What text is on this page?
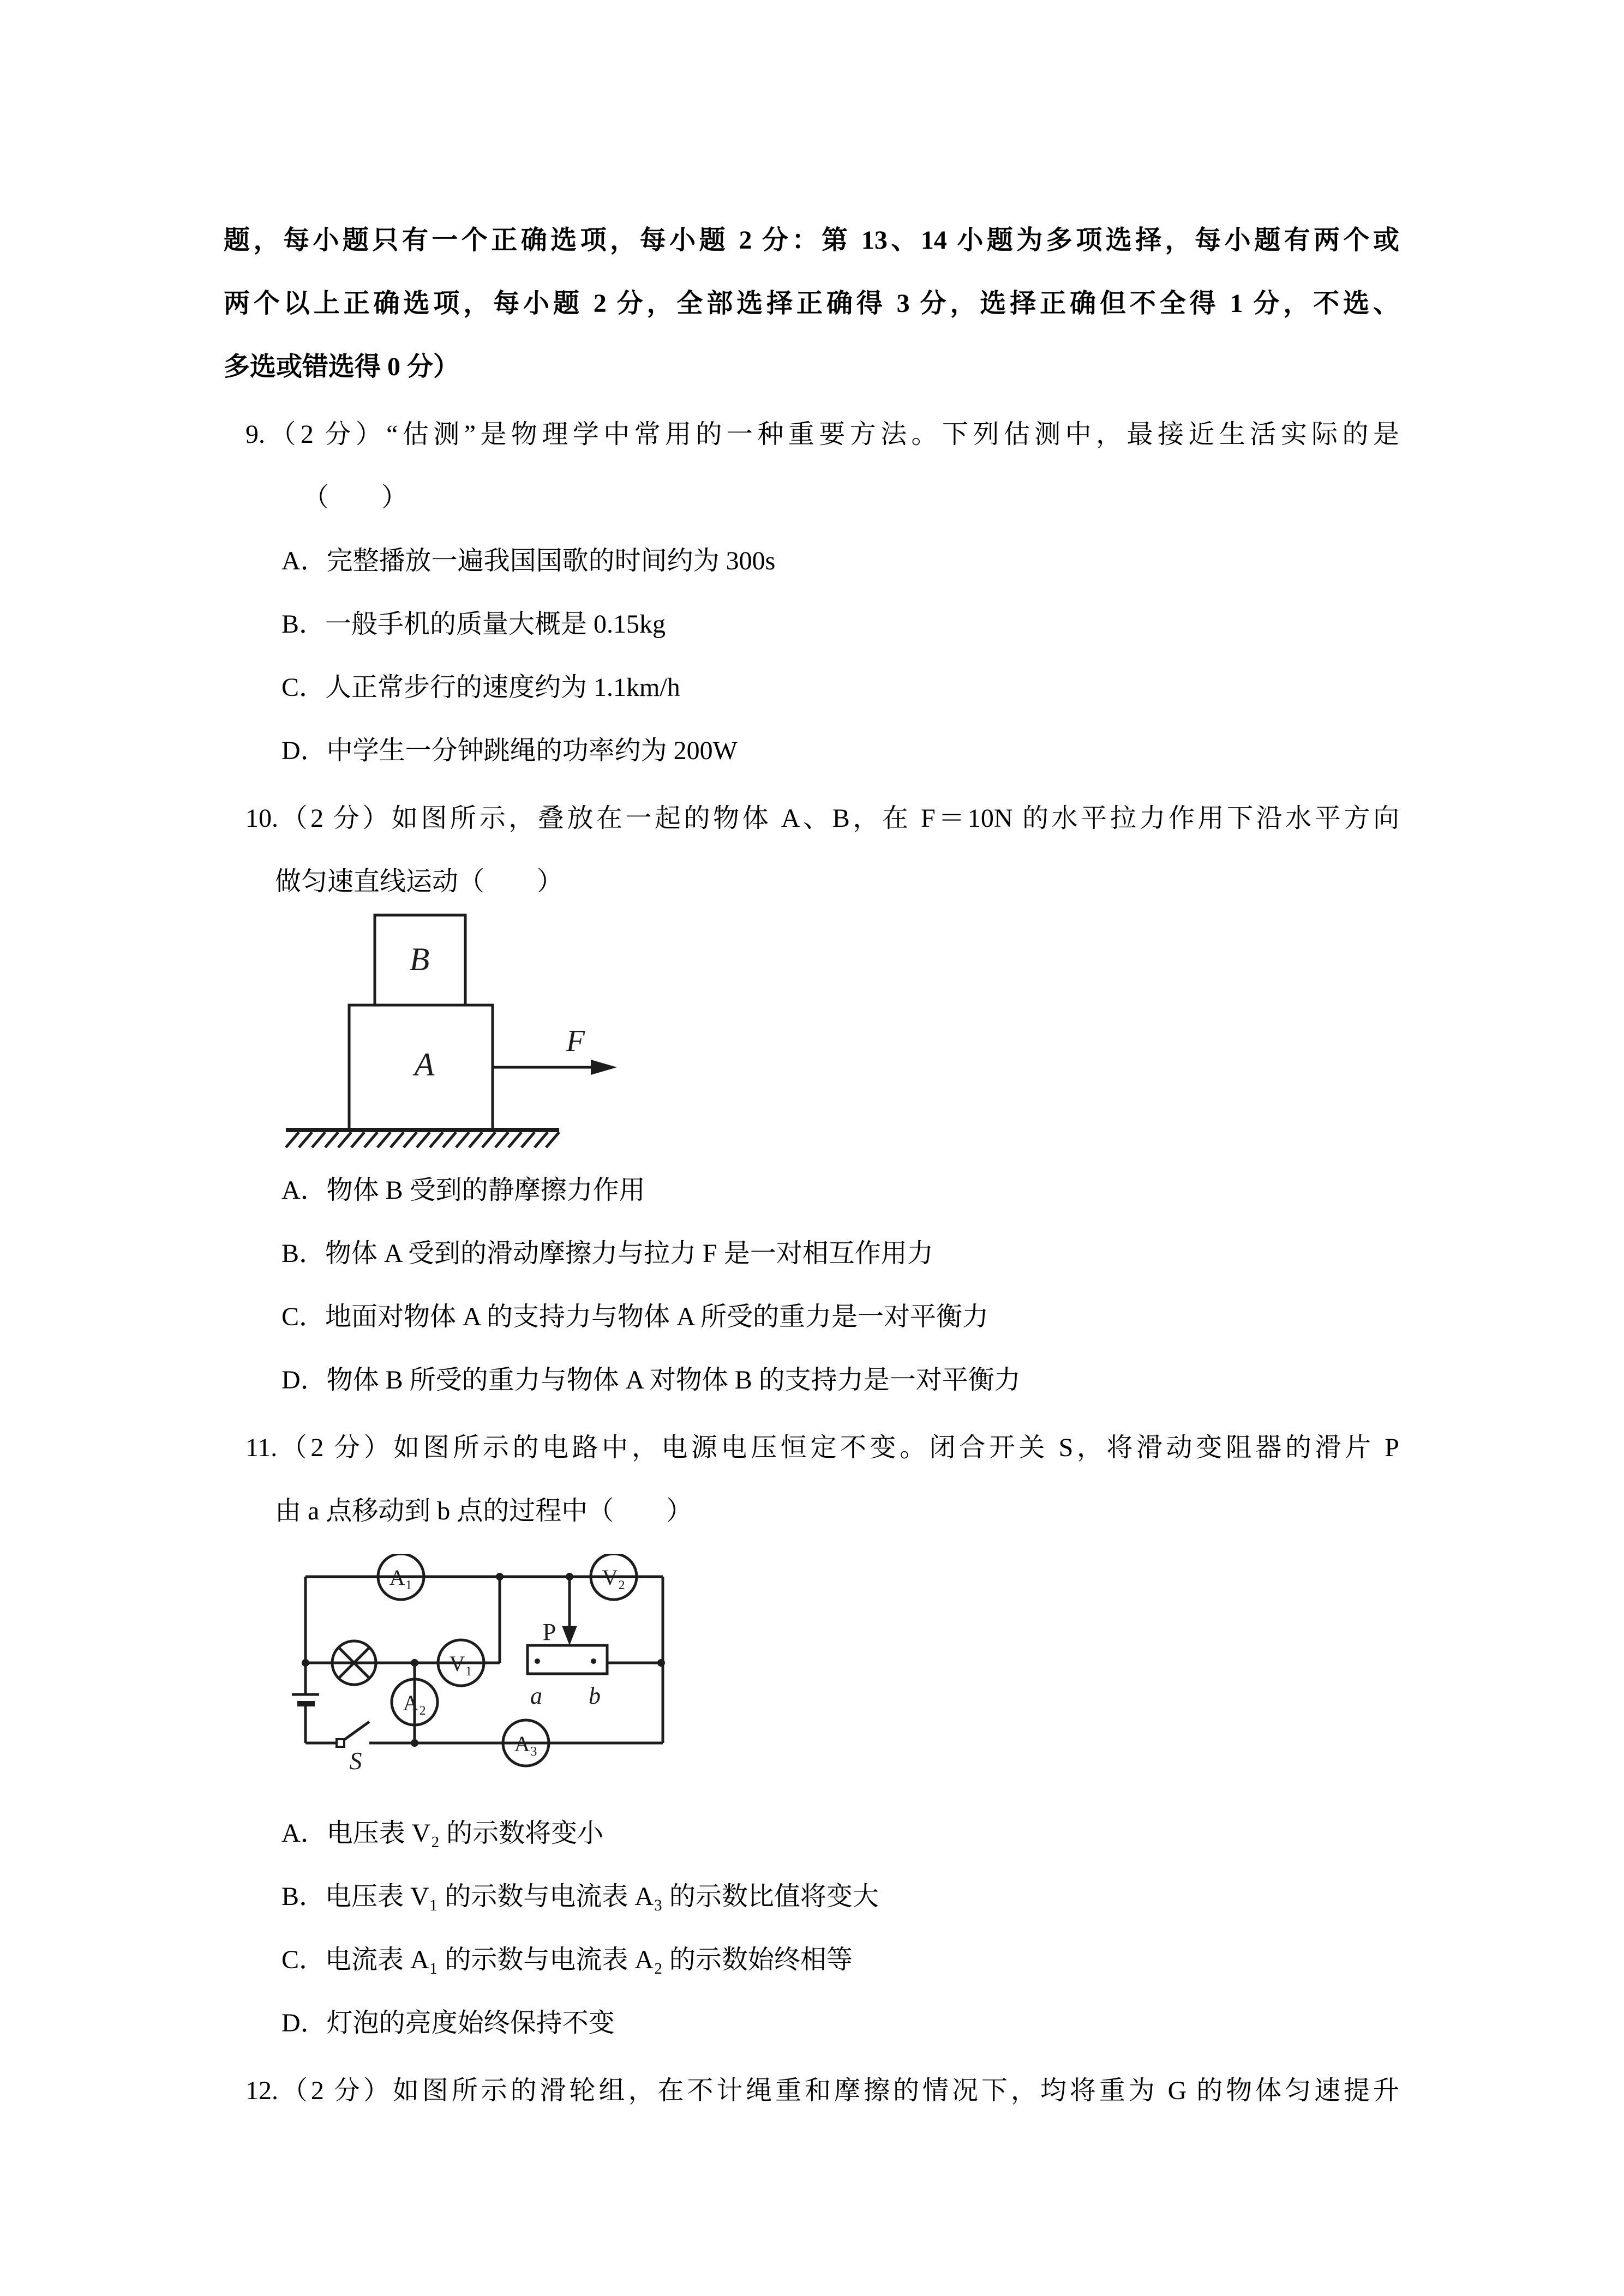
题，每小题只有一个正确选项，每小题 2 分：第 13、14 小题为多项选择，每小题有两个或
两个以上正确选项，每小题 2 分，全部选择正确得 3 分，选择正确但不全得 1 分，不选、
多选或错选得 0 分）
9.（2 分）“估测”是物理学中常用的一种重要方法。下列估测中，最接近生活实际的是
（　　）
A．完整播放一遍我国国歌的时间约为 300s
B．一般手机的质量大概是 0.15kg
C．人正常步行的速度约为 1.1km/h
D．中学生一分钟跳绳的功率约为 200W
10.（2 分）如图所示，叠放在一起的物体 A、B，在 F＝10N 的水平拉力作用下沿水平方向
做匀速直线运动（　　）
B
A
F
A．物体 B 受到的静摩擦力作用
B．物体 A 受到的滑动摩擦力与拉力 F 是一对相互作用力
C．地面对物体 A 的支持力与物体 A 所受的重力是一对平衡力
D．物体 B 所受的重力与物体 A 对物体 B 的支持力是一对平衡力
11.（2 分）如图所示的电路中，电源电压恒定不变。闭合开关 S，将滑动变阻器的滑片 P
由 a 点移动到 b 点的过程中（　　）
A₁	V₂
V₁
A₂
A₃
P
a b
S
A．电压表 V₂ 的示数将变小
B．电压表 V₁ 的示数与电流表 A₃ 的示数比值将变大
C．电流表 A₁ 的示数与电流表 A₂ 的示数始终相等
D．灯泡的亮度始终保持不变
12.（2 分）如图所示的滑轮组，在不计绳重和摩擦的情况下，均将重为 G 的物体匀速提升
